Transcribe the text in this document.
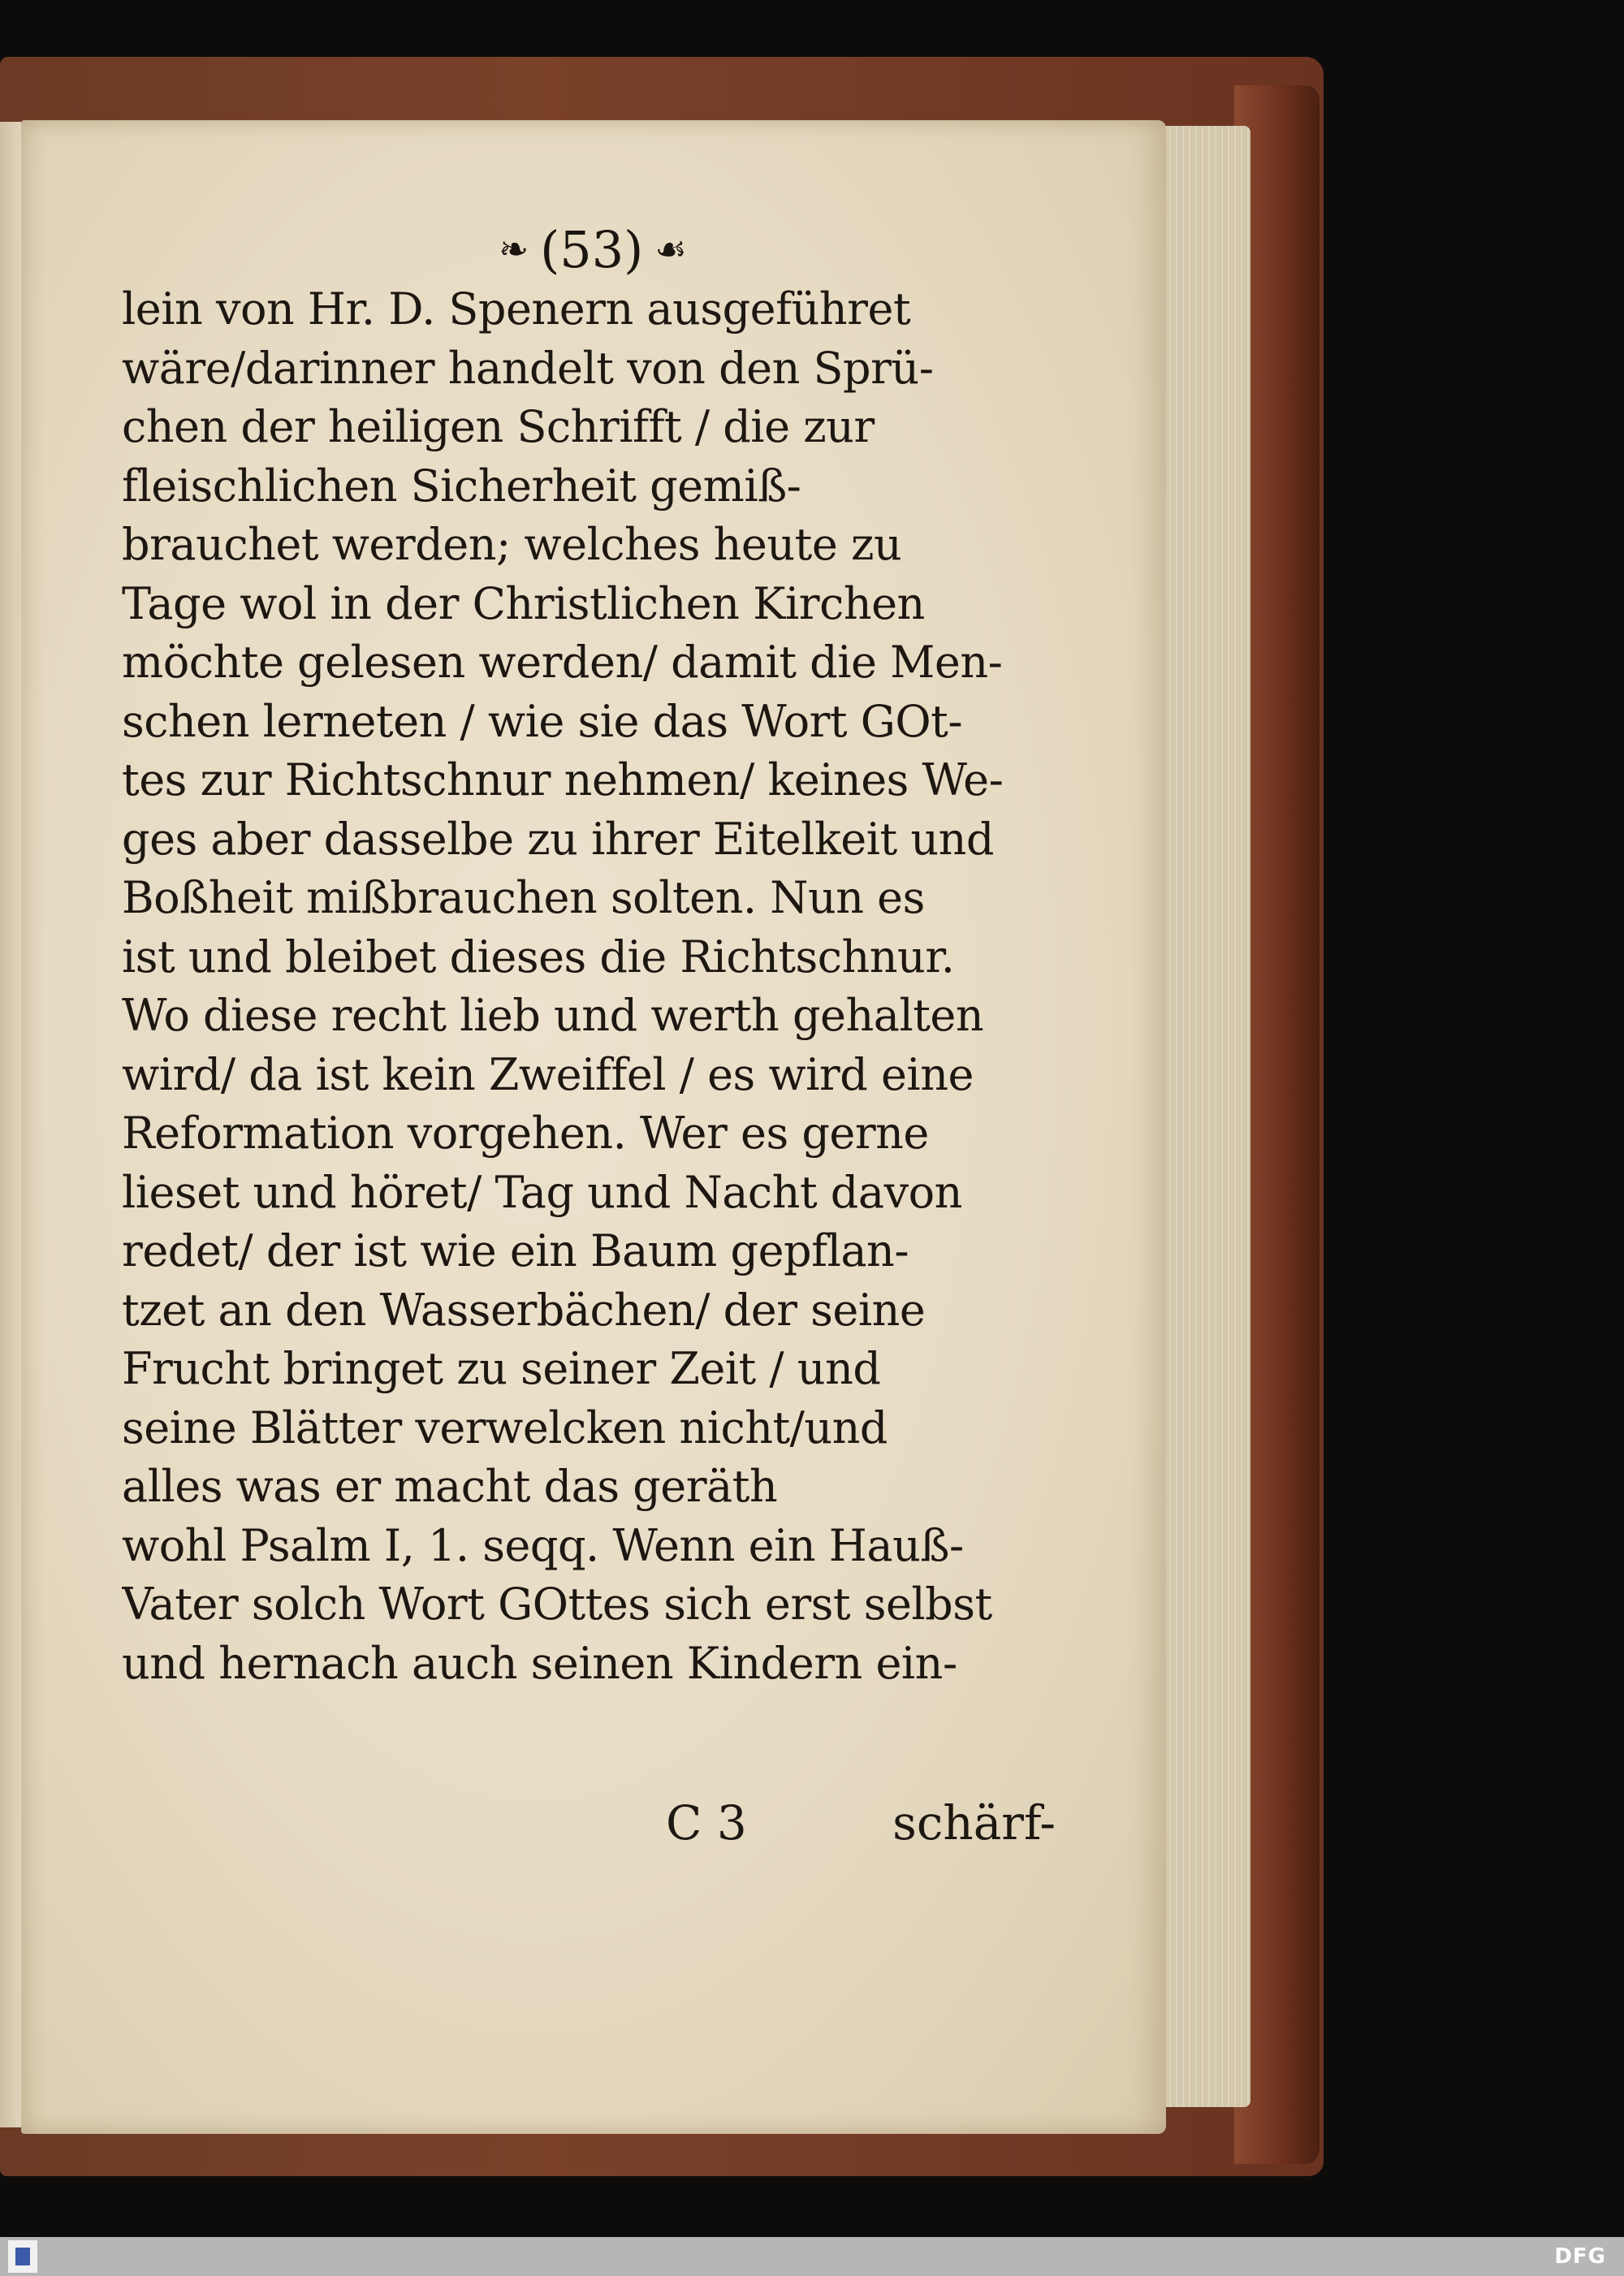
❧ (53) ☙
lein von Hr. D. Spenern ausgeführet
wäre/darinner handelt von den Sprü-
chen der heiligen Schrifft / die zur
fleischlichen Sicherheit gemiß-
brauchet werden; welches heute zu
Tage wol in der Christlichen Kirchen
möchte gelesen werden/ damit die Men-
schen lerneten / wie sie das Wort GOt-
tes zur Richtschnur nehmen/ keines We-
ges aber dasselbe zu ihrer Eitelkeit und
Boßheit mißbrauchen solten. Nun es
ist und bleibet dieses die Richtschnur.
Wo diese recht lieb und werth gehalten
wird/ da ist kein Zweiffel / es wird eine
Reformation vorgehen. Wer es gerne
lieset und höret/ Tag und Nacht davon
redet/ der ist wie ein Baum gepflan-
tzet an den Wasserbächen/ der seine
Frucht bringet zu seiner Zeit / und
seine Blätter verwelcken nicht/und
alles was er macht das geräth
wohl Psalm I, 1. seqq. Wenn ein Hauß-
Vater solch Wort GOttes sich erst selbst
und hernach auch seinen Kindern ein-
C 3	schärf-
DFG
